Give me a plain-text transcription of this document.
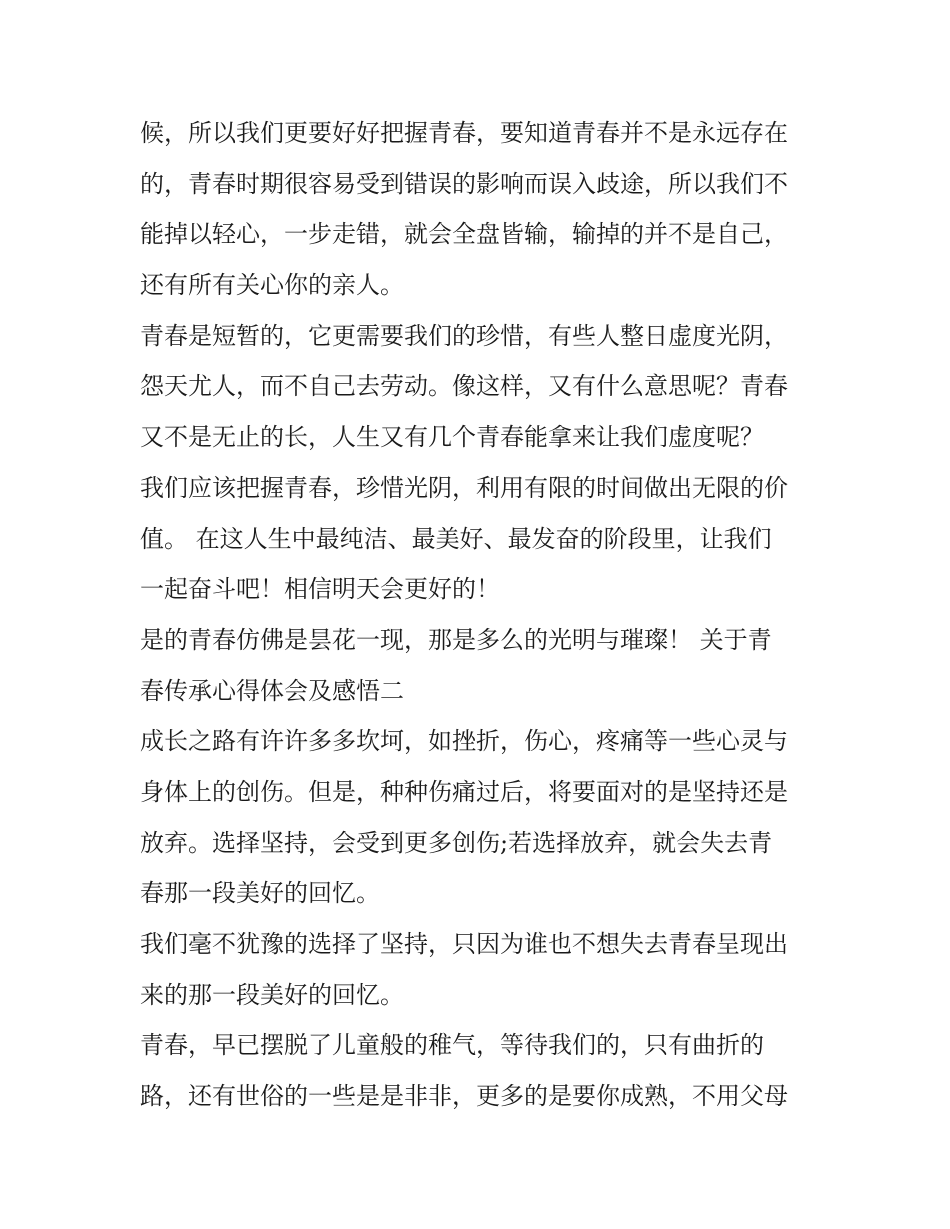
候，所以我们更要好好把握青春，要知道青春并不是永远存在
的，青春时期很容易受到错误的影响而误入歧途，所以我们不
能掉以轻心，一步走错，就会全盘皆输，输掉的并不是自己，
还有所有关心你的亲人。
青春是短暂的，它更需要我们的珍惜，有些人整日虚度光阴，
怨天尤人，而不自己去劳动。像这样，又有什么意思呢？青春
又不是无止的长，人生又有几个青春能拿来让我们虚度呢？
我们应该把握青春，珍惜光阴，利用有限的时间做出无限的价
值。 在这人生中最纯洁、最美好、最发奋的阶段里，让我们
一起奋斗吧！相信明天会更好的！
是的青春仿佛是昙花一现，那是多么的光明与璀璨！ 关于青
春传承心得体会及感悟二
成长之路有许许多多坎坷，如挫折，伤心，疼痛等一些心灵与
身体上的创伤。但是，种种伤痛过后，将要面对的是坚持还是
放弃。选择坚持，会受到更多创伤;若选择放弃，就会失去青
春那一段美好的回忆。
我们毫不犹豫的选择了坚持，只因为谁也不想失去青春呈现出
来的那一段美好的回忆。
青春，早已摆脱了儿童般的稚气，等待我们的，只有曲折的
路，还有世俗的一些是是非非，更多的是要你成熟，不用父母
